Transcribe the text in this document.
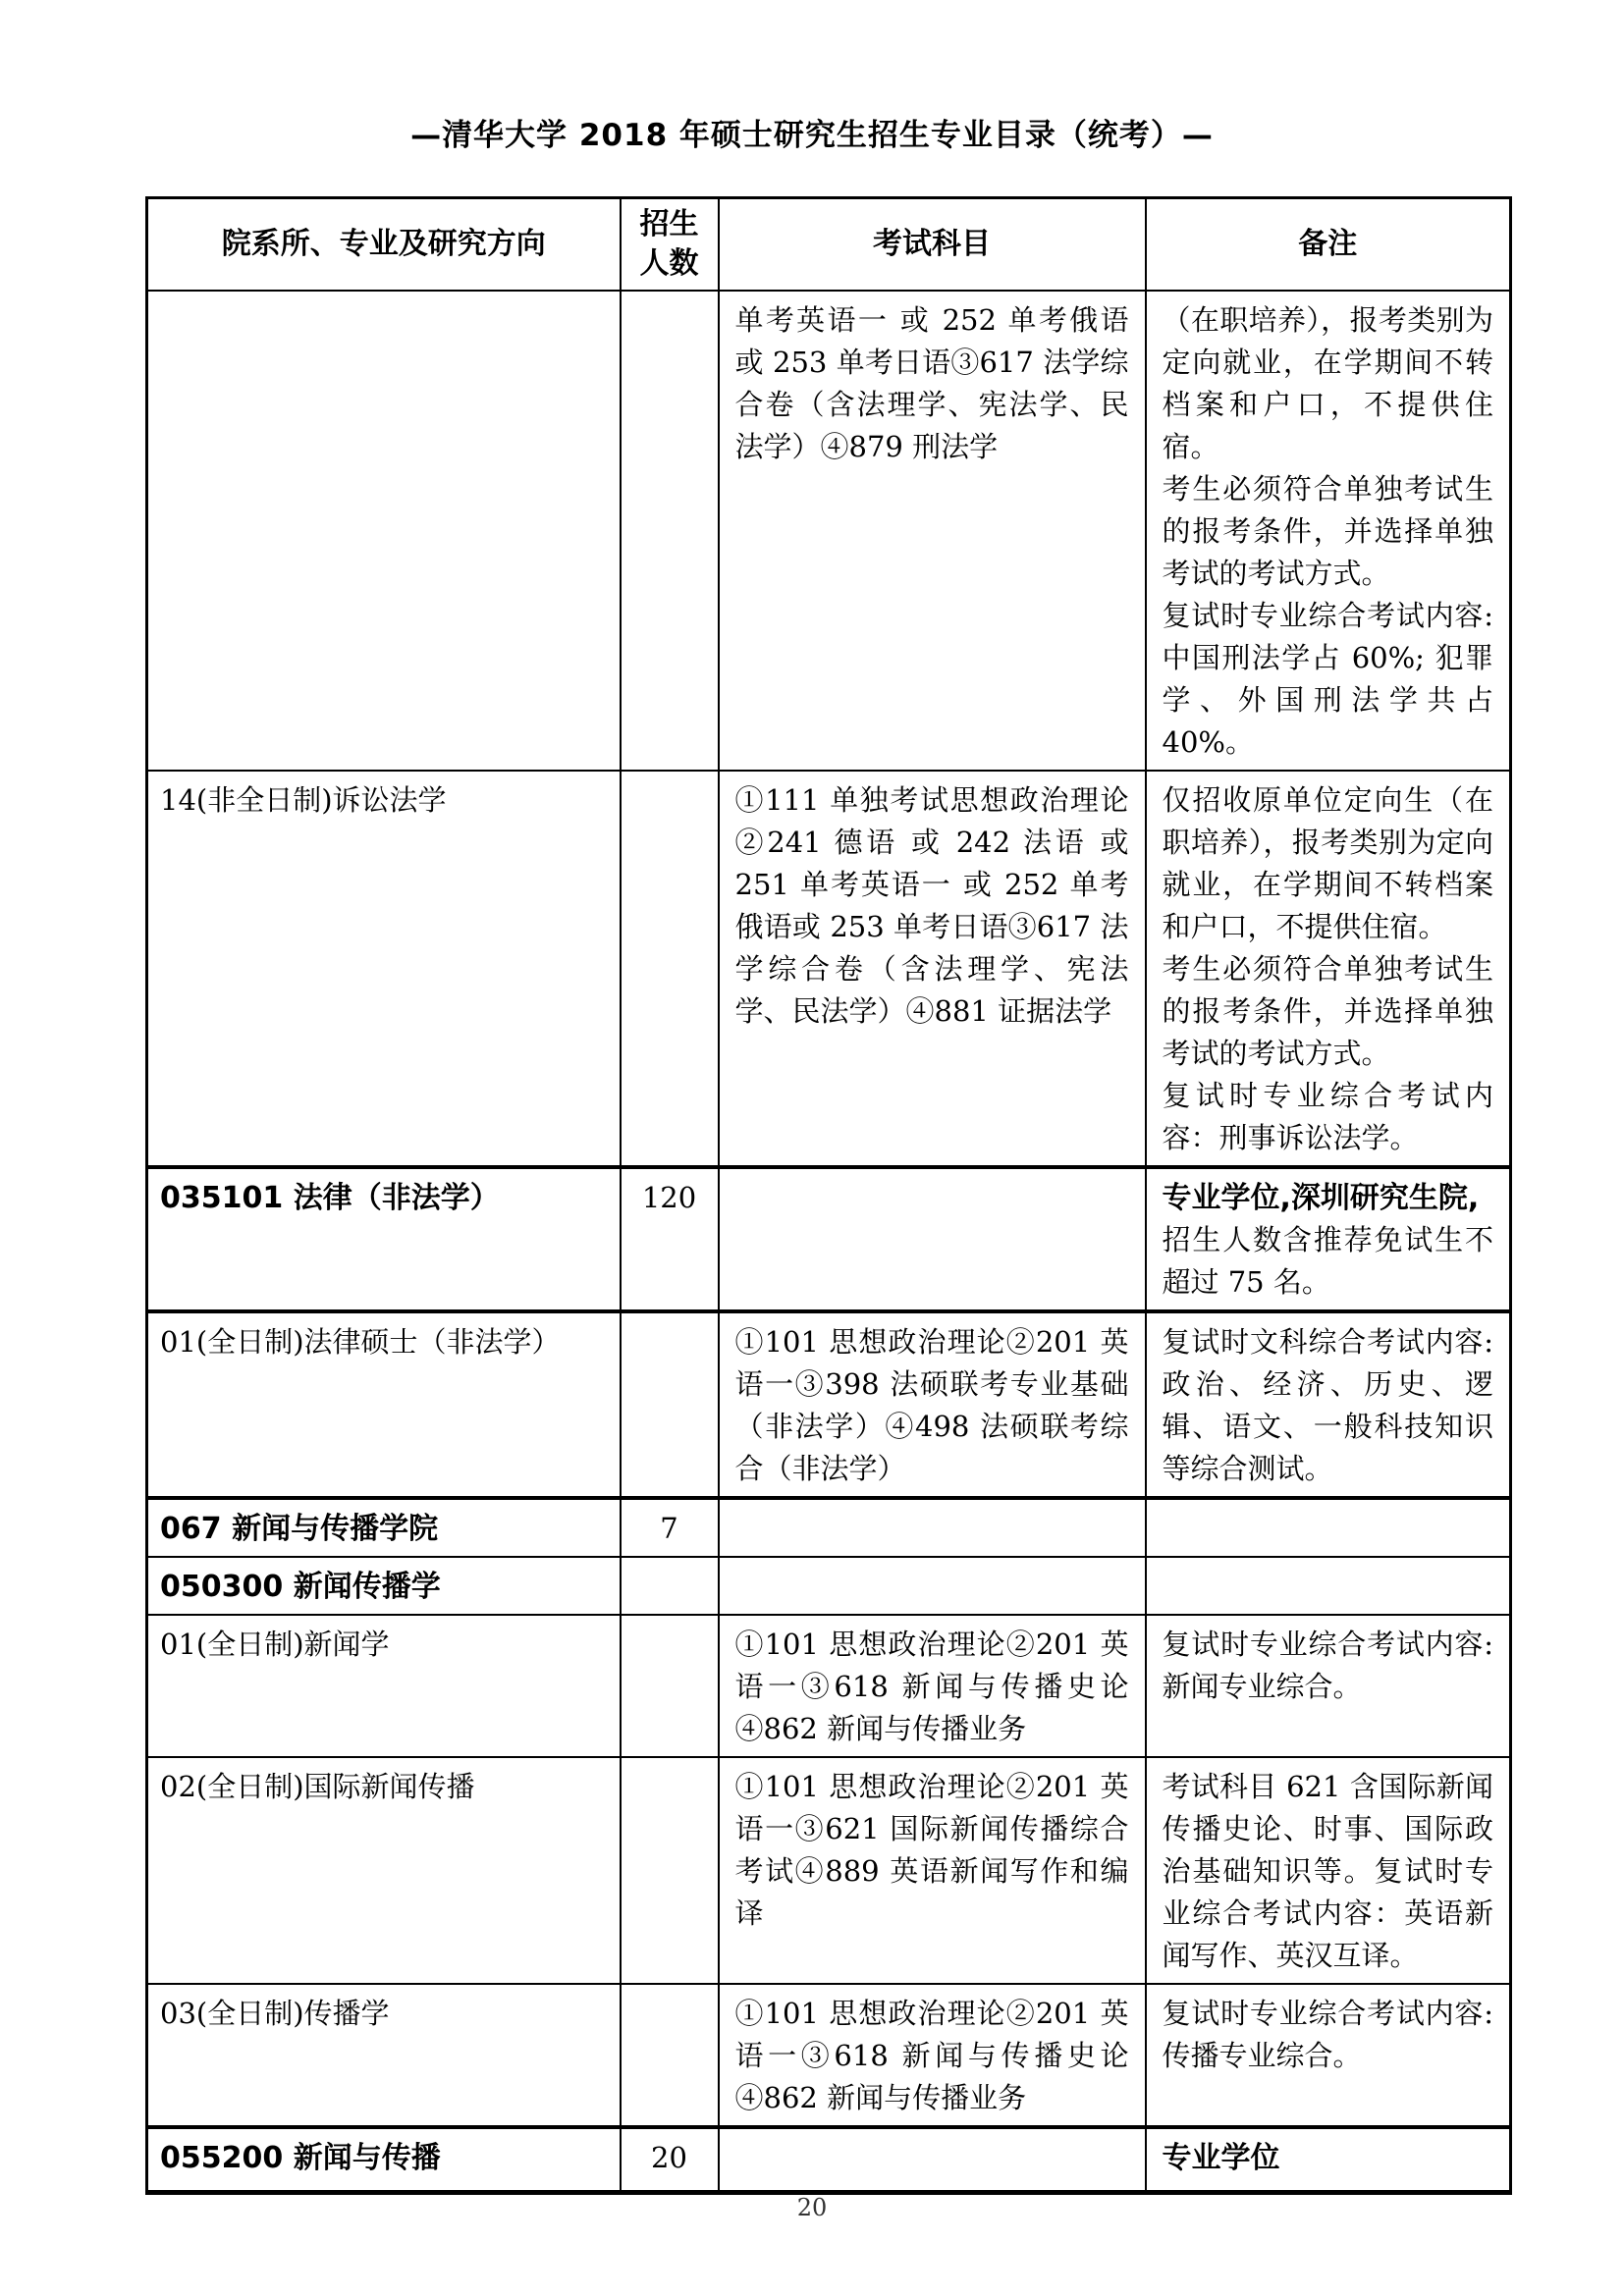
—清华大学 2018 年硕士研究生招生专业目录（统考）—
院系所、专业及研究方向	招生人数	考试科目	备注

		单考英语一 或 252 单考俄语或 253 单考日语③617 法学综合卷（含法理学、宪法学、民法学）④879 刑法学	（在职培养），报考类别为定向就业，在学期间不转档案和户口，不提供住宿。

考生必须符合单独考试生的报考条件，并选择单独考试的考试方式。

复试时专业综合考试内容: 中国刑法学占 60%; 犯罪学、外国刑法学共占 40%。

14(非全日制)诉讼法学		①111 单独考试思想政治理论②241 德语 或 242 法语 或 251 单考英语一 或 252 单考俄语或 253 单考日语③617 法学综合卷（含法理学、宪法学、民法学）④881 证据法学	仅招收原单位定向生（在职培养），报考类别为定向就业，在学期间不转档案和户口，不提供住宿。

考生必须符合单独考试生的报考条件，并选择单独考试的考试方式。

复试时专业综合考试内容：刑事诉讼法学。

035101 法律（非法学）	120		专业学位,深圳研究生院,

招生人数含推荐免试生不超过 75 名。

01(全日制)法律硕士（非法学）		①101 思想政治理论②201 英语一③398 法硕联考专业基础（非法学）④498 法硕联考综合（非法学）	复试时文科综合考试内容: 政治、经济、历史、逻辑、语文、一般科技知识等综合测试。

067 新闻与传播学院	7		

050300 新闻传播学			

01(全日制)新闻学		①101 思想政治理论②201 英语一③618 新闻与传播史论④862 新闻与传播业务	复试时专业综合考试内容: 新闻专业综合。

02(全日制)国际新闻传播		①101 思想政治理论②201 英语一③621 国际新闻传播综合考试④889 英语新闻写作和编译	考试科目 621 含国际新闻传播史论、时事、国际政治基础知识等。复试时专业综合考试内容：英语新闻写作、英汉互译。

03(全日制)传播学		①101 思想政治理论②201 英语一③618 新闻与传播史论④862 新闻与传播业务	复试时专业综合考试内容: 传播专业综合。

055200 新闻与传播	20		专业学位

20
